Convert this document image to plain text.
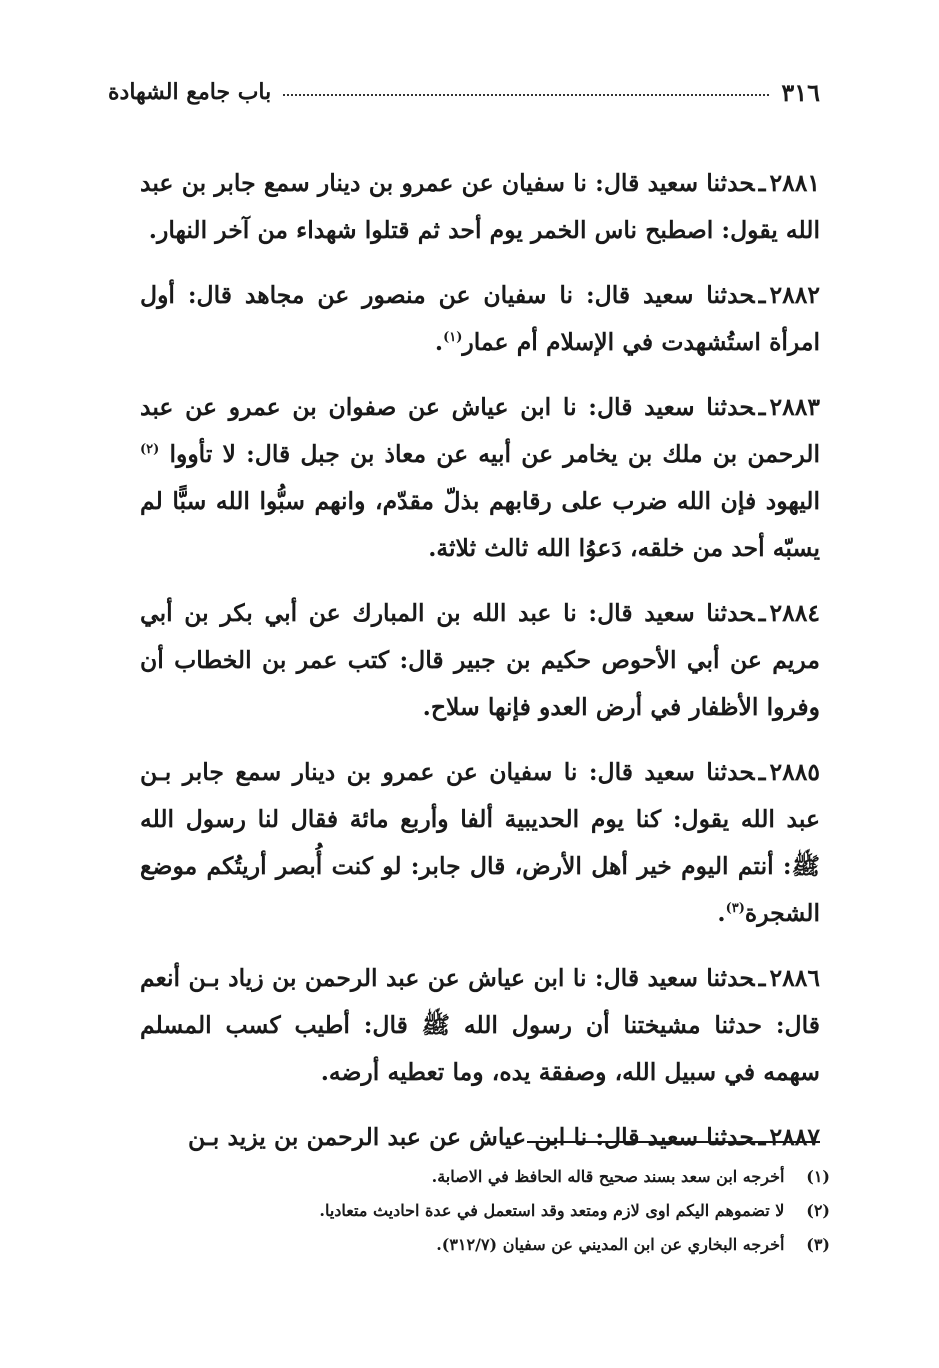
٣١٦
باب جامع الشهادة

٢٨٨١ـحدثنا سعيد قال: نا سفيان عن عمرو بن دينار سمع جابر بن عبد الله يقول: اصطبح ناس الخمر يوم أحد ثم قتلوا شهداء من آخر النهار.

٢٨٨٢ـحدثنا سعيد قال: نا سفيان عن منصور عن مجاهد قال: أول امرأة استُشهدت في الإسلام أم عمار$^{(١)}$.

٢٨٨٣ـحدثنا سعيد قال: نا ابن عياش عن صفوان بن عمرو عن عبد الرحمن بن ملك بن يخامر عن أبيه عن معاذ بن جبل قال: لا تأووا $^{(٢)}$ اليهود فإن الله ضرب على رقابهم بذلّ مقدّم، وانهم سبُّوا الله سبًّا لم يسبّه أحد من خلقه، دَعوُا الله ثالث ثلاثة.

٢٨٨٤ـحدثنا سعيد قال: نا عبد الله بن المبارك عن أبي بكر بن أبي مريم عن أبي الأحوص حكيم بن جبير قال: كتب عمر بن الخطاب أن وفروا الأظفار في أرض العدو فإنها سلاح.

٢٨٨٥ـحدثنا سعيد قال: نا سفيان عن عمرو بن دينار سمع جابر بـن عبد الله يقول: كنا يوم الحديبية ألفا وأربع مائة فقال لنا رسول الله ﷺ: أنتم اليوم خير أهل الأرض، قال جابر: لو كنت أُبصر أريتُكم موضع الشجرة$^{(٣)}$.

٢٨٨٦ـحدثنا سعيد قال: نا ابن عياش عن عبد الرحمن بن زياد بـن أنعم قال: حدثنا مشيختنا أن رسول الله ﷺ قال: أطيب كسب المسلم سهمه في سبيل الله، وصفقة يده، وما تعطيه أرضه.

٢٨٨٧ـحدثنا سعيد قال: نا ابن عياش عن عبد الرحمن بن يزيد بـن

(١) أخرجه ابن سعد بسند صحيح قاله الحافظ في الاصابة.
(٢) لا تضموهم اليكم اوى لازم ومتعد وقد استعمل في عدة احاديث متعاديا.
(٣) أخرجه البخاري عن ابن المديني عن سفيان (٣١٢/٧).
